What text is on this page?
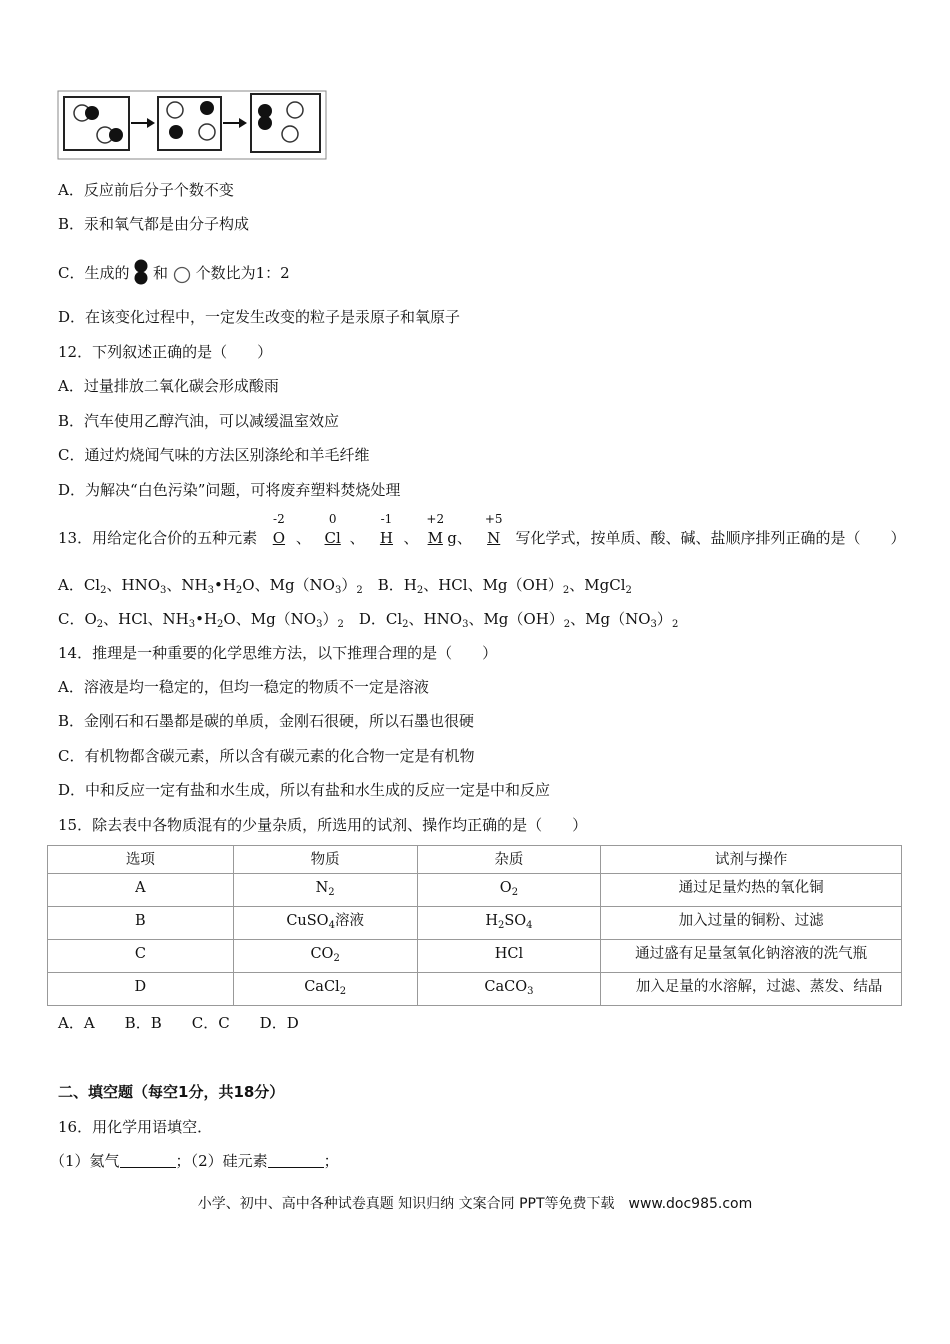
A．反应前后分子个数不变
B．汞和氧气都是由分子构成
C．生成的 和 个数比为1：2
D．在该变化过程中，一定发生改变的粒子是汞原子和氧原子
12．下列叙述正确的是（　　）
A．过量排放二氧化碳会形成酸雨
B．汽车使用乙醇汽油，可以减缓温室效应
C．通过灼烧闻气味的方法区别涤纶和羊毛纤维
D．为解决“白色污染”问题，可将废弃塑料焚烧处理
13．用给定化合价的五种元素
-2
O 、
0
Cl 、
-1
H 、
+2
M g、
+5
N 写化学式，按单质、酸、碱、盐顺序排列正确的是（　　）
A．$Cl_2$、$HNO_3$、$NH_3•H_2O$、$Mg(NO_3)_2$　B．$H_2$、HCl、$Mg(OH)_2$、MgCl$_2$
C．$O_2$、HCl、$NH_3•H_2O$、$Mg(NO_3)_2$　D．$Cl_2$、$HNO_3$、$Mg(OH)_2$、$Mg(NO_3)_2$
14．推理是一种重要的化学思维方法，以下推理合理的是（　　）
A．溶液是均一稳定的，但均一稳定的物质不一定是溶液
B．金刚石和石墨都是碳的单质，金刚石很硬，所以石墨也很硬
C．有机物都含碳元素，所以含有碳元素的化合物一定是有机物
D．中和反应一定有盐和水生成，所以有盐和水生成的反应一定是中和反应
15．除去表中各物质混有的少量杂质，所选用的试剂、操作均正确的是（　　）
选项	物质	杂质	试剂与操作
A	$N_2$	$O_2$	通过足量灼热的氧化铜
B	CuSO$_4$溶液	$H_2SO_4$	加入过量的铜粉、过滤
C	$CO_2$	HCl	通过盛有足量氢氧化钠溶液的洗气瓶
D	CaCl$_2$	CaCO$_3$	加入足量的水溶解，过滤、蒸发、结晶
A．A　　B．B　　C．C　　D．D
二、填空题（每空1分，共18分）
16．用化学用语填空．
（1）氦气	；（2）硅元素	；
小学、初中、高中各种试卷真题 知识归纳 文案合同 PPT等免费下载　www.doc985.com
